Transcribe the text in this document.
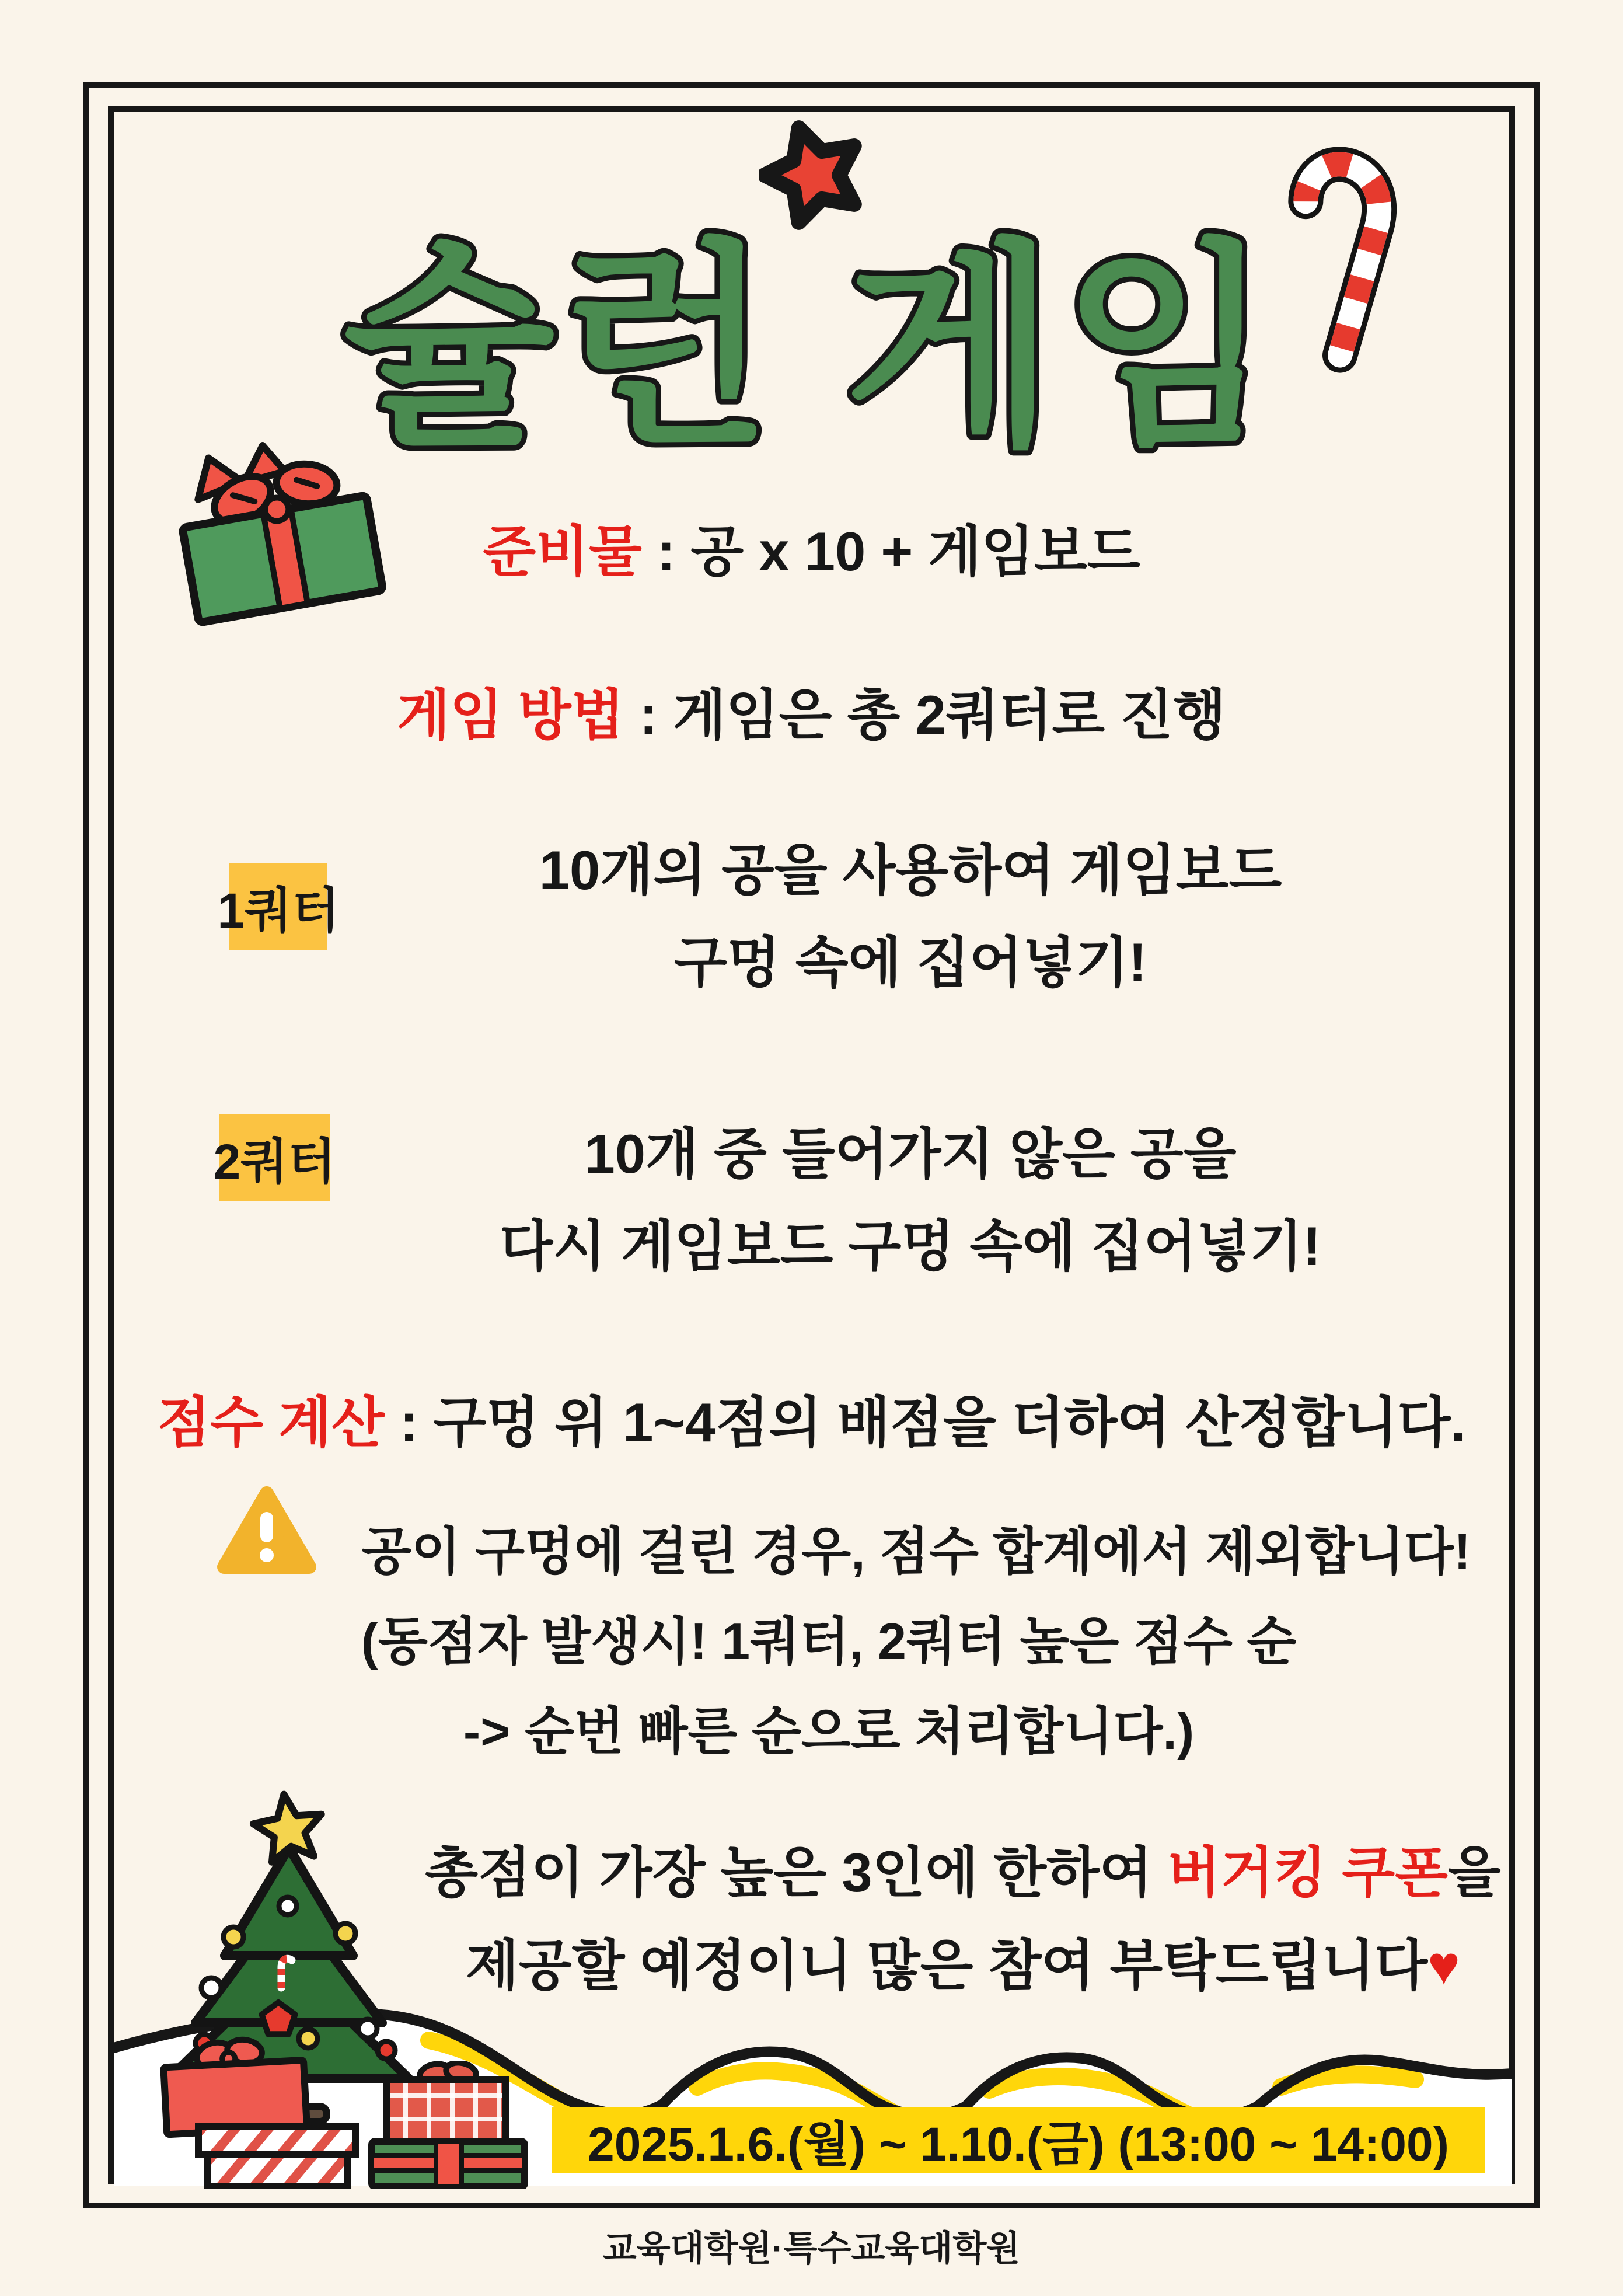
슐런 게임
준비물 : 공 x 10 + 게임보드
게임 방법 : 게임은 총 2쿼터로 진행
1쿼터
10개의 공을 사용하여 게임보드
구멍 속에 집어넣기!
2쿼터	10개 중 들어가지 않은 공을
다시 게임보드 구멍 속에 집어넣기!
점수 계산 : 구멍 위 1~4점의 배점을 더하여 산정합니다.
공이 구멍에 걸린 경우, 점수 합계에서 제외합니다!
(동점자 발생시! 1쿼터, 2쿼터 높은 점수 순
-> 순번 빠른 순으로 처리합니다.)
총점이 가장 높은 3인에 한하여 버거킹 쿠폰을
제공할 예정이니 많은 참여 부탁드립니다♥
2025.1.6.(월) ~ 1.10.(금) (13:00 ~ 14:00)
교육대학원·특수교육대학원
